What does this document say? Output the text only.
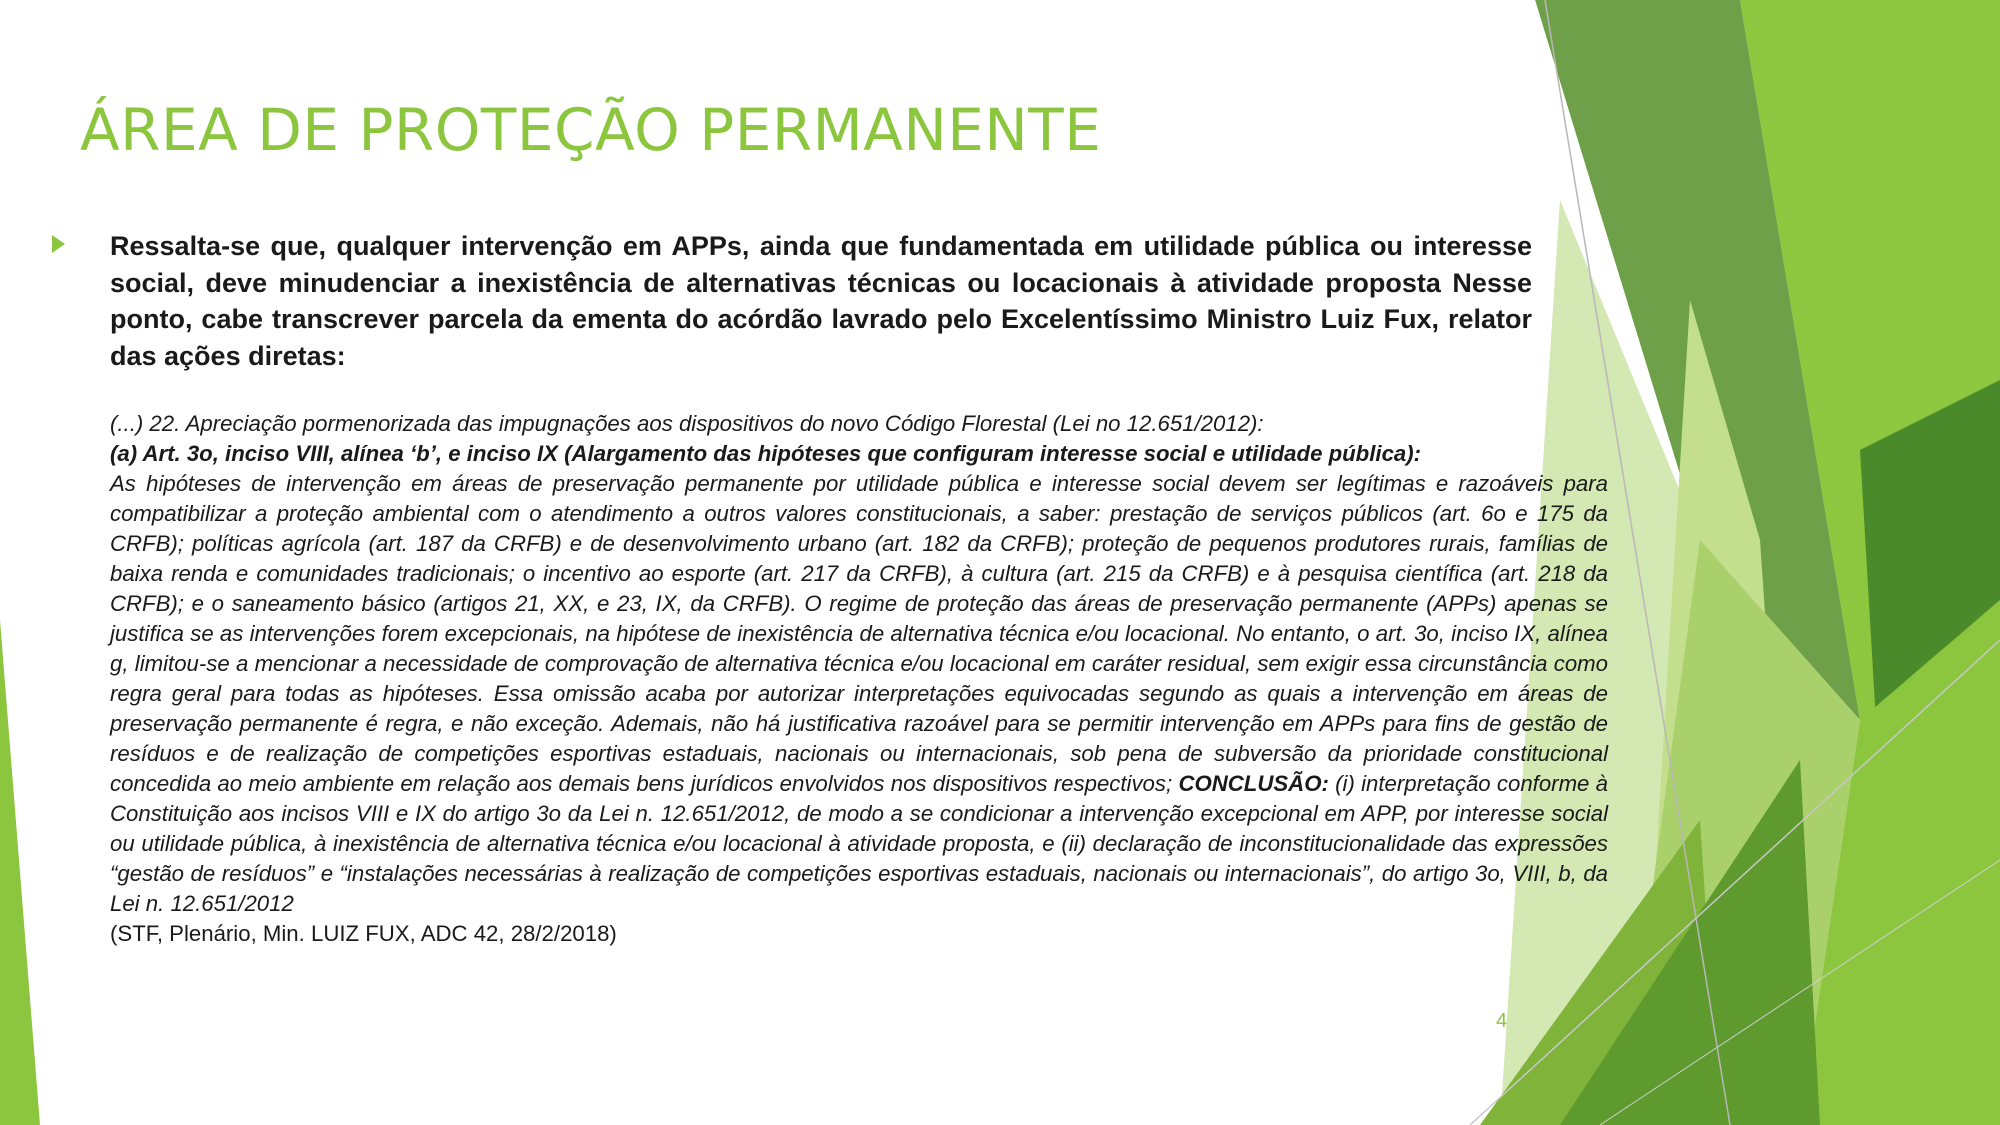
ÁREA DE PROTEÇÃO PERMANENTE
Ressalta-se que, qualquer intervenção em APPs, ainda que fundamentada em utilidade pública ou interesse social, deve minudenciar a inexistência de alternativas técnicas ou locacionais à atividade proposta Nesse ponto, cabe transcrever parcela da ementa do acórdão lavrado pelo Excelentíssimo Ministro Luiz Fux, relator das ações diretas:

(...) 22. Apreciação pormenorizada das impugnações aos dispositivos do novo Código Florestal (Lei no 12.651/2012):

(a) Art. 3o, inciso VIII, alínea ‘b’, e inciso IX (Alargamento das hipóteses que configuram interesse social e utilidade pública):

As hipóteses de intervenção em áreas de preservação permanente por utilidade pública e interesse social devem ser legítimas e razoáveis para compatibilizar a proteção ambiental com o atendimento a outros valores constitucionais, a saber: prestação de serviços públicos (art. 6o e 175 da CRFB); políticas agrícola (art. 187 da CRFB) e de desenvolvimento urbano (art. 182 da CRFB); proteção de pequenos produtores rurais, famílias de baixa renda e comunidades tradicionais; o incentivo ao esporte (art. 217 da CRFB), à cultura (art. 215 da CRFB) e à pesquisa científica (art. 218 da CRFB); e o saneamento básico (artigos 21, XX, e 23, IX, da CRFB). O regime de proteção das áreas de preservação permanente (APPs) apenas se justifica se as intervenções forem excepcionais, na hipótese de inexistência de alternativa técnica e/ou locacional. No entanto, o art. 3o, inciso IX, alínea g, limitou-se a mencionar a necessidade de comprovação de alternativa técnica e/ou locacional em caráter residual, sem exigir essa circunstância como regra geral para todas as hipóteses. Essa omissão acaba por autorizar interpretações equivocadas segundo as quais a intervenção em áreas de preservação permanente é regra, e não exceção. Ademais, não há justificativa razoável para se permitir intervenção em APPs para fins de gestão de resíduos e de realização de competições esportivas estaduais, nacionais ou internacionais, sob pena de subversão da prioridade constitucional concedida ao meio ambiente em relação aos demais bens jurídicos envolvidos nos dispositivos respectivos; CONCLUSÃO: (i) interpretação conforme à Constituição aos incisos VIII e IX do artigo 3o da Lei n. 12.651/2012, de modo a se condicionar a intervenção excepcional em APP, por interesse social ou utilidade pública, à inexistência de alternativa técnica e/ou locacional à atividade proposta, e (ii) declaração de inconstitucionalidade das expressões “gestão de resíduos” e “instalações necessárias à realização de competições esportivas estaduais, nacionais ou internacionais”, do artigo 3o, VIII, b, da Lei n. 12.651/2012

(STF, Plenário, Min. LUIZ FUX, ADC 42, 28/2/2018)

4
